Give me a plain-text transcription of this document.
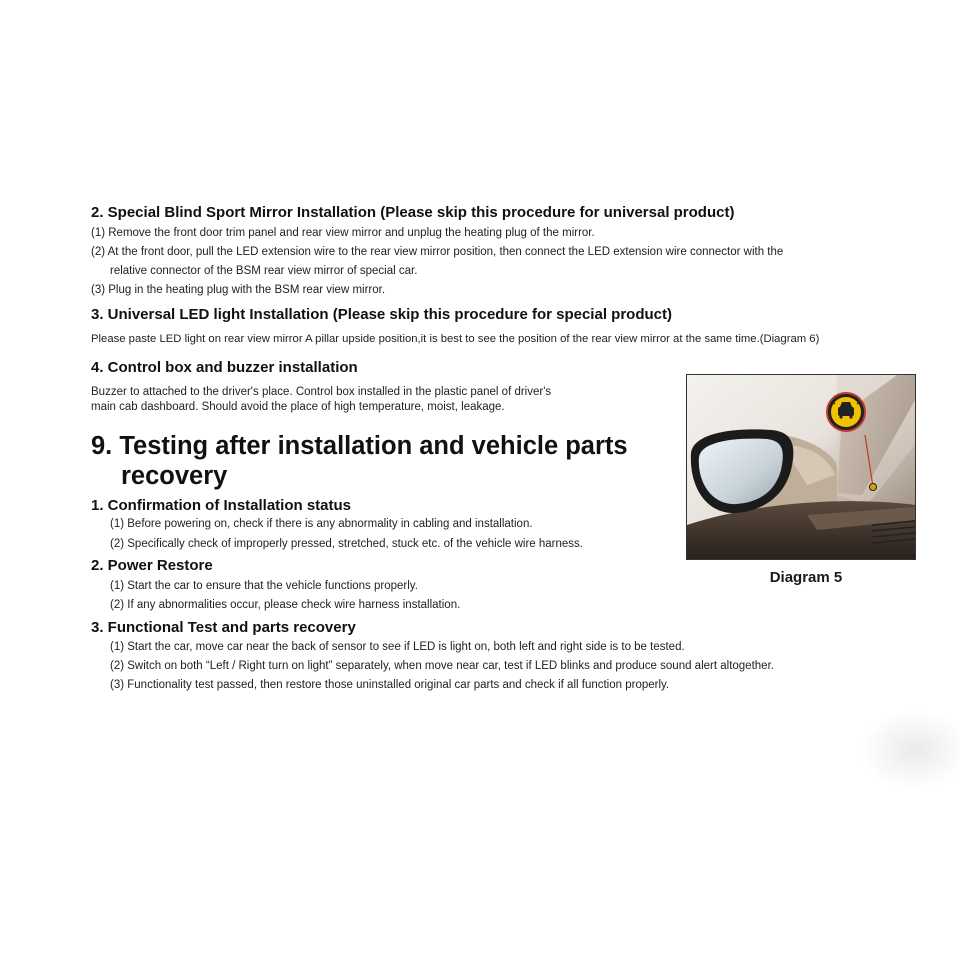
2. Special Blind Sport Mirror Installation (Please skip this procedure for universal product)
(1) Remove the front door trim panel and rear view mirror and unplug the heating plug of the mirror.
(2) At the front door, pull the LED extension wire to the rear view mirror position, then connect the LED extension wire connector with the
relative connector of the BSM rear view mirror of special car.
(3) Plug in the heating plug with the BSM rear view mirror.
3. Universal LED light Installation (Please skip this procedure for special product)
Please paste LED light on rear view mirror A pillar upside position,it is best to see the position of the rear view mirror at the same time.(Diagram 6)
4. Control box and buzzer installation
Buzzer to attached to the driver's place. Control box installed in the plastic panel of driver's
main cab dashboard. Should avoid the place of high temperature, moist, leakage.
9. Testing after installation and vehicle parts
recovery
1. Confirmation of Installation status
(1) Before powering on, check if there is any abnormality in cabling and installation.
(2) Specifically check of improperly pressed, stretched, stuck etc. of the vehicle wire harness.
2. Power Restore
(1) Start the car to ensure that the vehicle functions properly.
(2) If any abnormalities occur, please check wire harness installation.
3. Functional Test and parts recovery
(1) Start the car, move car near the back of sensor to see if LED is light on, both left and right side is to be tested.
(2) Switch on both “Left / Right turn on light” separately, when move near car, test if LED blinks and produce sound alert altogether.
(3) Functionality test passed, then restore those uninstalled original car parts and check if all function properly.
Diagram 5
